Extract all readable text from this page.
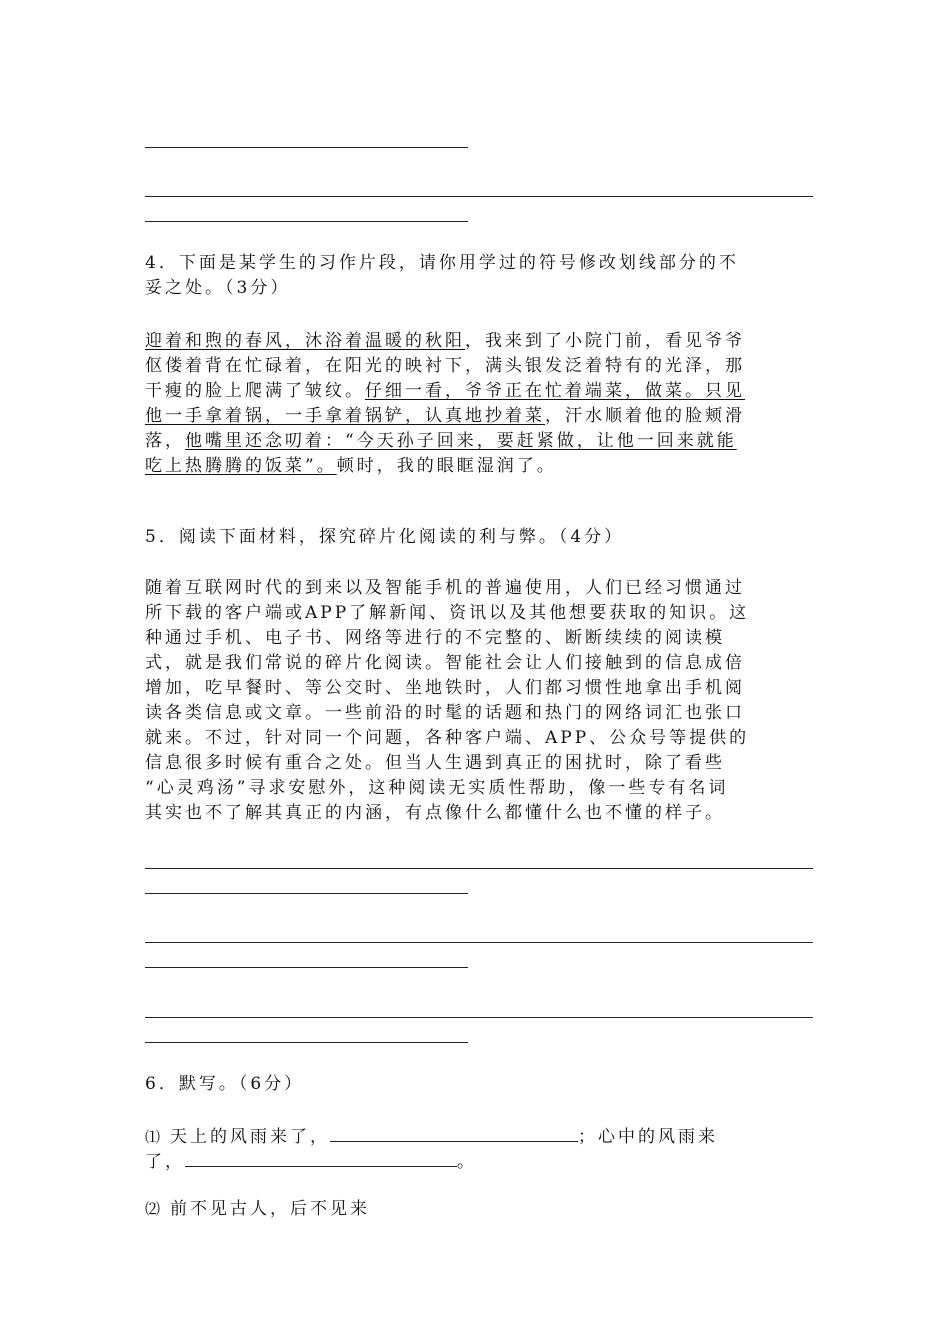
4．下面是某学生的习作片段，请你用学过的符号修改划线部分的不
妥之处。（3分）
迎着和煦的春风，沐浴着温暖的秋阳，我来到了小院门前，看见爷爷
伛偻着背在忙碌着，在阳光的映衬下，满头银发泛着特有的光泽，那
干瘦的脸上爬满了皱纹。仔细一看，爷爷正在忙着端菜，做菜。只见
他一手拿着锅，一手拿着锅铲，认真地抄着菜，汗水顺着他的脸颊滑
落，他嘴里还念叨着：“今天孙子回来，要赶紧做，让他一回来就能
吃上热腾腾的饭菜”。顿时，我的眼眶湿润了。
5．阅读下面材料，探究碎片化阅读的利与弊。（4分）
随着互联网时代的到来以及智能手机的普遍使用，人们已经习惯通过
所下载的客户端或APP了解新闻、资讯以及其他想要获取的知识。这
种通过手机、电子书、网络等进行的不完整的、断断续续的阅读模
式，就是我们常说的碎片化阅读。智能社会让人们接触到的信息成倍
增加，吃早餐时、等公交时、坐地铁时，人们都习惯性地拿出手机阅
读各类信息或文章。一些前沿的时髦的话题和热门的网络词汇也张口
就来。不过，针对同一个问题，各种客户端、APP、公众号等提供的
信息很多时候有重合之处。但当人生遇到真正的困扰时，除了看些
“心灵鸡汤”寻求安慰外，这种阅读无实质性帮助，像一些专有名词
其实也不了解其真正的内涵，有点像什么都懂什么也不懂的样子。
6．默写。（6分）
⑴ 天上的风雨来了，	；心中的风雨来
了，	。
⑵ 前不见古人，后不见来
